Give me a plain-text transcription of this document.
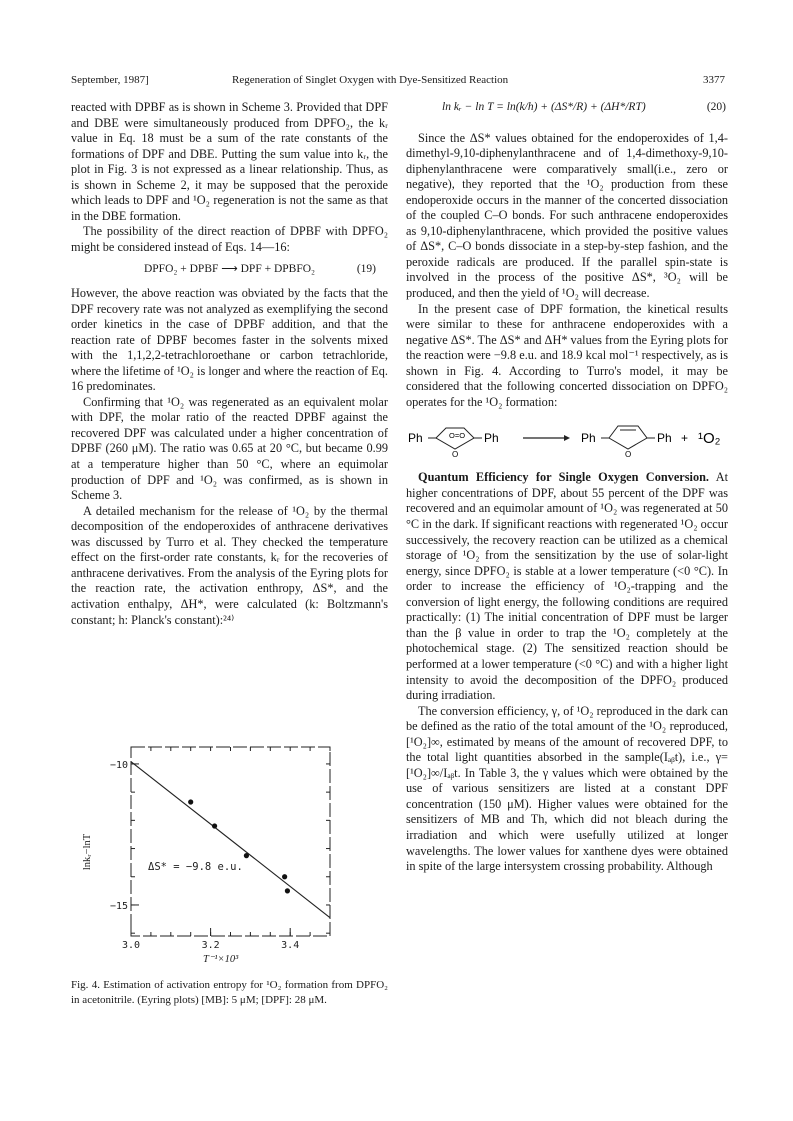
September, 1987]	Regeneration of Singlet Oxygen with Dye-Sensitized Reaction	3377

reacted with DPBF as is shown in Scheme 3. Provided that DPF and DBE were simultaneously produced from DPFO₂, the kᵣ value in Eq. 18 must be a sum of the rate constants of the formations of DPF and DBE. Putting the sum value into kᵣ, the plot in Fig. 3 is not expressed as a linear relationship. Thus, as is shown in Scheme 2, it may be supposed that the peroxide which leads to DPF and ¹O₂ regeneration is not the same as that in the DBE formation.

The possibility of the direct reaction of DPBF with DPFO₂ might be considered instead of Eqs. 14—16:

DPFO₂ + DPBF ⟶ DPF + DPBFO₂	(19)

However, the above reaction was obviated by the facts that the DPF recovery rate was not analyzed as exemplifying the second order kinetics in the case of DPBF addition, and that the reaction rate of DPBF becomes faster in the solvents mixed with the 1,1,2,2-tetrachloroethane or carbon tetrachloride, where the lifetime of ¹O₂ is longer and where the reaction of Eq. 16 predominates.

Confirming that ¹O₂ was regenerated as an equivalent molar with DPF, the molar ratio of the reacted DPBF against the recovered DPF was calculated under a higher concentration of DPBF (260 μM). The ratio was 0.65 at 20 °C, but became 0.99 at a temperature higher than 50 °C, where an equimolar production of DPF and ¹O₂ was confirmed, as is shown in Scheme 3.

A detailed mechanism for the release of ¹O₂ by the thermal decomposition of the endoperoxides of anthracene derivatives was discussed by Turro et al. They checked the temperature effect on the first-order rate constants, kᵣ for the recoveries of anthracene derivatives. From the analysis of the Eyring plots for the reaction rate, the activation enthropy, ΔS*, and the activation enthalpy, ΔH*, were calculated (k: Boltzmann's constant; h: Planck's constant):²⁴⁾

3.0	3.2	3.4
−10
−15
ΔS* = −9.8 e.u.
T⁻¹×10³
lnkᵣ−lnT
Fig. 4. Estimation of activation entropy for ¹O₂ formation from DPFO₂ in acetonitrile. (Eyring plots) [MB]: 5 μM; [DPF]: 28 μM.
ln kᵣ − ln T = ln(k/h) + (ΔS*/R) + (ΔH*/RT)	(20)

Since the ΔS* values obtained for the endoperoxides of 1,4-dimethyl-9,10-diphenylanthracene and of 1,4-dimethoxy-9,10-diphenylanthracene were comparatively small(i.e., zero or negative), they reported that the ¹O₂ production from these endoperoxide occurs in the manner of the concerted dissociation of the coupled C–O bonds. For such anthracene endoperoxides as 9,10-diphenylanthracene, which provided the positive values of ΔS*, C–O bonds dissociate in a step-by-step fashion, and the peroxide radicals are produced. If the parallel spin-state is involved in the process of the positive ΔS*, ³O₂ will be produced, and then the yield of ¹O₂ will decrease.

In the present case of DPF formation, the kinetical results were similar to these for anthracene endoperoxides with a negative ΔS*. The ΔS* and ΔH* values from the Eyring plots for the reaction were −9.8 e.u. and 18.9 kcal mol⁻¹ respectively, as is shown in Fig. 4. According to Turro's model, it may be considered that the following concerted dissociation on DPFO₂ operates for the ¹O₂ formation:

Ph	O=O
O
Ph	Ph
O
Ph + ¹O₂

Quantum Efficiency for Single Oxygen Conversion. At higher concentrations of DPF, about 55 percent of the DPF was recovered and an equimolar amount of ¹O₂ was regenerated at 50 °C in the dark. If significant reactions with regenerated ¹O₂ occur successively, the recovery reaction can be utilized as a chemical storage of ¹O₂ from the sensitization by the use of solar-light energy, since DPFO₂ is stable at a lower temperature (<0 °C). In order to increase the efficiency of ¹O₂-trapping and the conversion of light energy, the following conditions are required practically: (1) The initial concentration of DPF must be larger than the β value in order to trap the ¹O₂ completely at the photochemical stage. (2) The sensitized reaction should be performed at a lower temperature (<0 °C) and with a higher light intensity to avoid the decomposition of the DPFO₂ produced during irradiation.

The conversion efficiency, γ, of ¹O₂ reproduced in the dark can be defined as the ratio of the total amount of the ¹O₂ reproduced, [¹O₂]∞, estimated by means of the amount of recovered DPF, to the total light quantities absorbed in the sample(Iₐᵦt), i.e., γ=[¹O₂]∞/Iₐᵦt. In Table 3, the γ values which were obtained by the use of various sensitizers are listed at a constant DPF concentration (150 μM). Higher values were obtained for the sensitizers of MB and Th, which did not bleach during the irradiation and which were usefully utilized at longer wavelengths. The lower values for xanthene dyes were obtained in spite of the large intersystem crossing probability. Although
